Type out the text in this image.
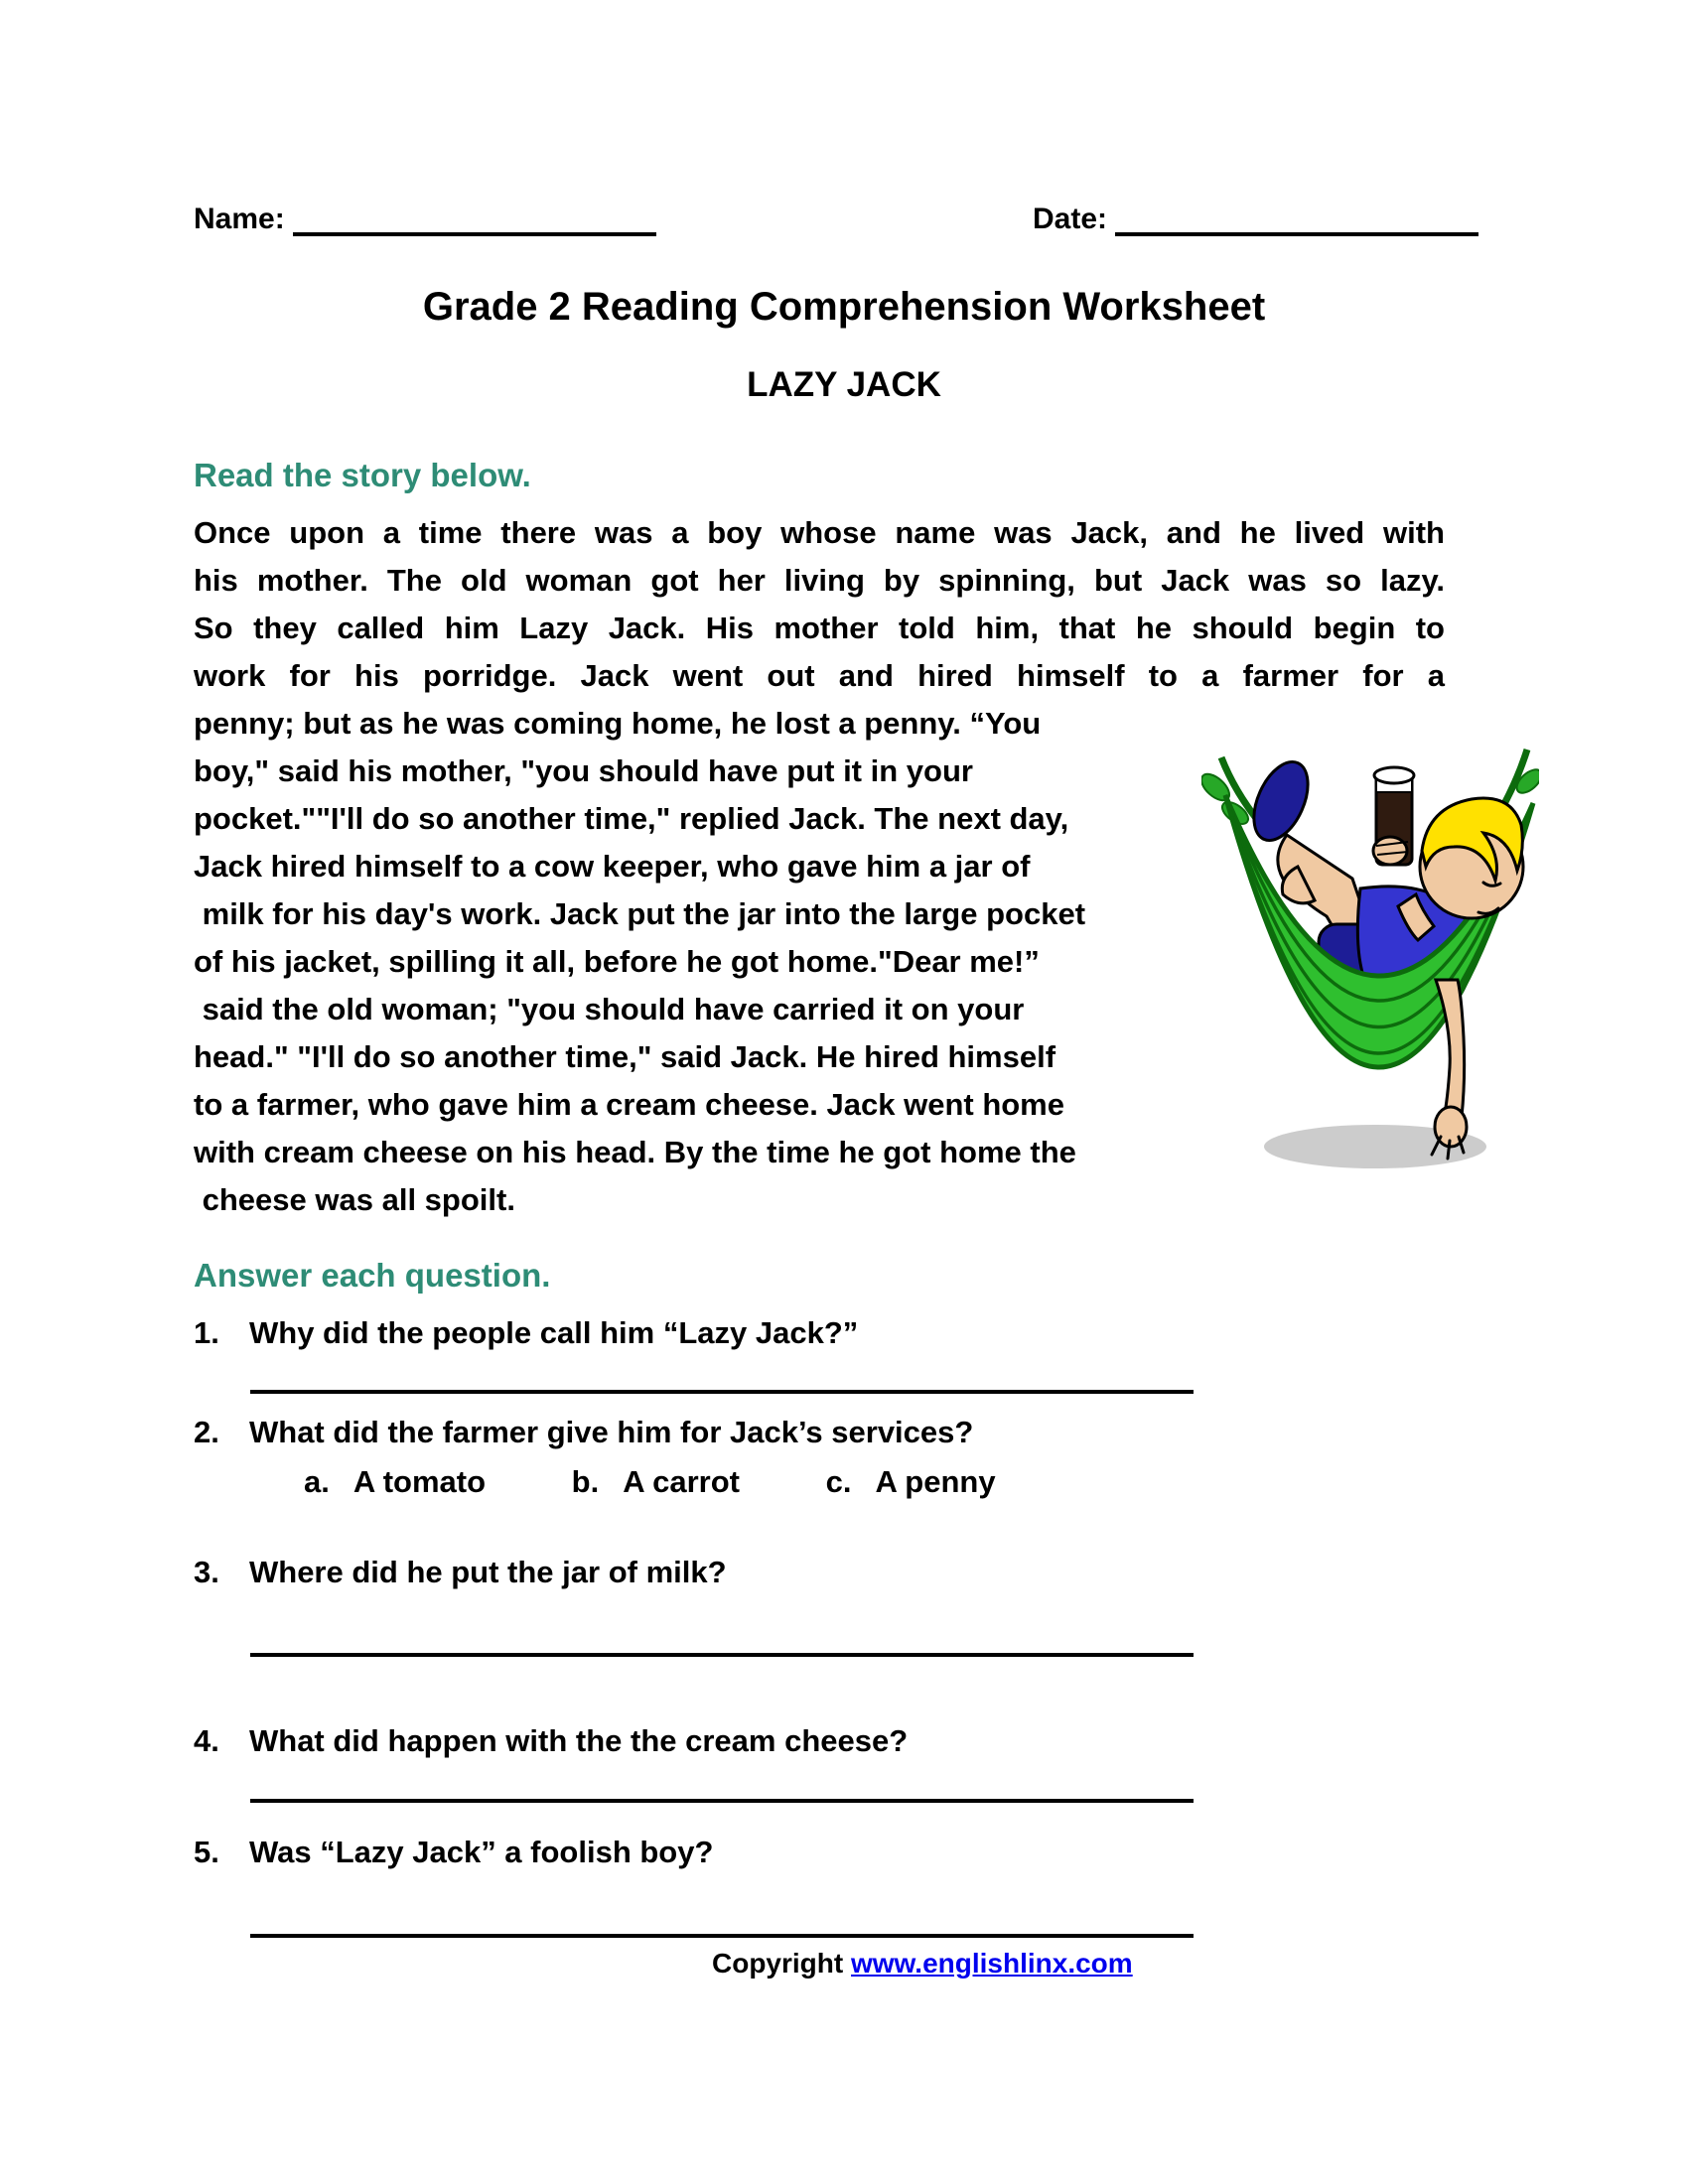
Name:	Date:
Grade 2 Reading Comprehension Worksheet
LAZY JACK
Read the story below.
Once upon a time there was a boy whose name was Jack, and he lived with
his mother. The old woman got her living by spinning, but Jack was so lazy.
So they called him Lazy Jack. His mother told him, that he should begin to
work for his porridge. Jack went out and hired himself to a farmer for a
penny; but as he was coming home, he lost a penny. “You
boy," said his mother, "you should have put it in your
pocket.""I'll do so another time," replied Jack. The next day,
Jack hired himself to a cow keeper, who gave him a jar of
milk for his day's work. Jack put the jar into the large pocket
of his jacket, spilling it all, before he got home."Dear me!”
said the old woman; "you should have carried it on your
head." "I'll do so another time," said Jack. He hired himself
to a farmer, who gave him a cream cheese. Jack went home
with cream cheese on his head. By the time he got home the
cheese was all spoilt.
Answer each question.
1. Why did the people call him “Lazy Jack?”
2. What did the farmer give him for Jack’s services?
a. A tomato	b. A carrot	c. A penny
3. Where did he put the jar of milk?
4. What did happen with the the cream cheese?
5. Was “Lazy Jack” a foolish boy?
Copyright www.englishlinx.com
